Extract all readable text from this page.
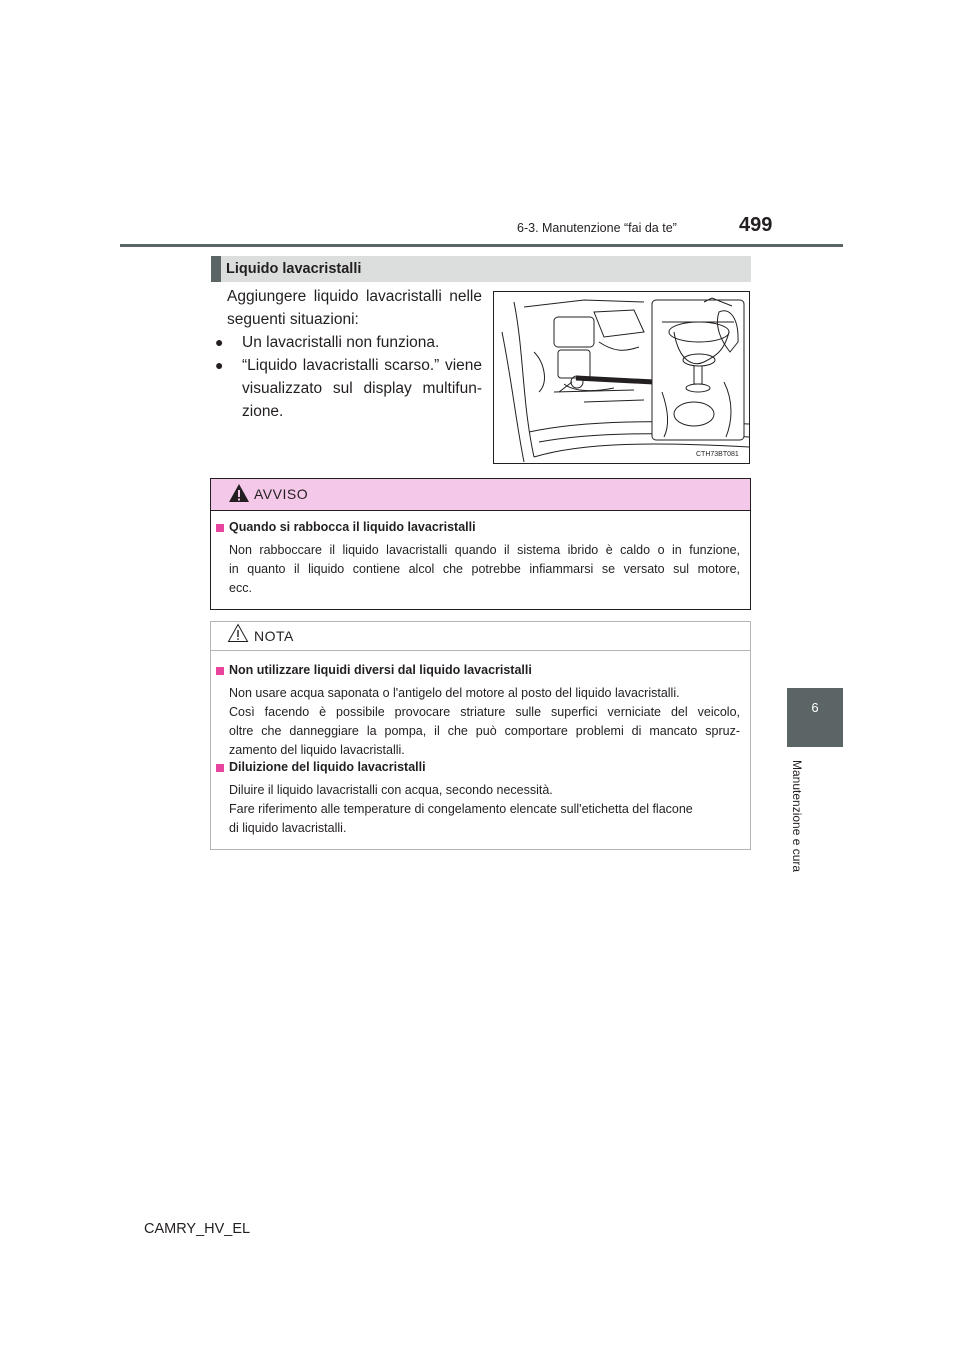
6-3. Manutenzione “fai da te”	499
6
Manutenzione e cura
Liquido lavacristalli
Aggiungere liquido lavacristalli nelle
seguenti situazioni:
● Un lavacristalli non funziona.
● “Liquido lavacristalli scarso.” viene
visualizzato sul display multifun-
zione.
CTH73BT081
AVVISO
Quando si rabbocca il liquido lavacristalli
Non rabboccare il liquido lavacristalli quando il sistema ibrido è caldo o in funzione,
in quanto il liquido contiene alcol che potrebbe infiammarsi se versato sul motore,
ecc.
NOTA
Non utilizzare liquidi diversi dal liquido lavacristalli
Non usare acqua saponata o l'antigelo del motore al posto del liquido lavacristalli.
Così facendo è possibile provocare striature sulle superfici verniciate del veicolo,
oltre che danneggiare la pompa, il che può comportare problemi di mancato spruz-
zamento del liquido lavacristalli.
Diluizione del liquido lavacristalli
Diluire il liquido lavacristalli con acqua, secondo necessità.
Fare riferimento alle temperature di congelamento elencate sull'etichetta del flacone
di liquido lavacristalli.
CAMRY_HV_EL
